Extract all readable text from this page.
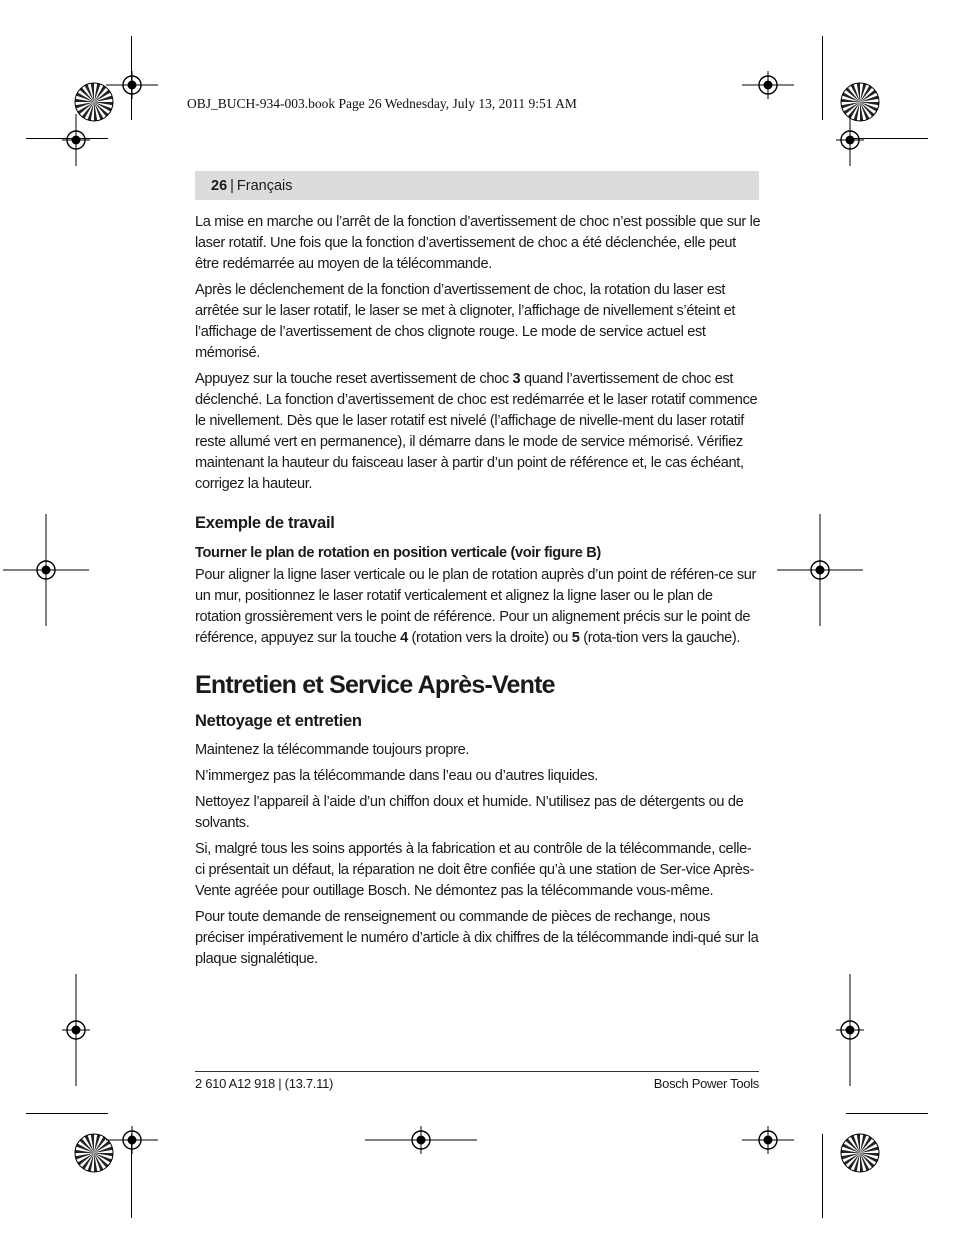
OBJ_BUCH-934-003.book Page 26 Wednesday, July 13, 2011 9:51 AM
26 | Français

La mise en marche ou l’arrêt de la fonction d’avertissement de choc n’est possible que sur le laser rotatif. Une fois que la fonction d’avertissement de choc a été déclenchée, elle peut être redémarrée au moyen de la télécommande.

Après le déclenchement de la fonction d’avertissement de choc, la rotation du laser est arrêtée sur le laser rotatif, le laser se met à clignoter, l’affichage de nivellement s’éteint et l’affichage de l’avertissement de chos clignote rouge. Le mode de service actuel est mémorisé.

Appuyez sur la touche reset avertissement de choc 3 quand l’avertissement de choc est déclenché. La fonction d’avertissement de choc est redémarrée et le laser rotatif commence le nivellement. Dès que le laser rotatif est nivelé (l’affichage de nivelle-ment du laser rotatif reste allumé vert en permanence), il démarre dans le mode de service mémorisé. Vérifiez maintenant la hauteur du faisceau laser à partir d’un point de référence et, le cas échéant, corrigez la hauteur.

Exemple de travail

Tourner le plan de rotation en position verticale (voir figure B)

Pour aligner la ligne laser verticale ou le plan de rotation auprès d’un point de référen-ce sur un mur, positionnez le laser rotatif verticalement et alignez la ligne laser ou le plan de rotation grossièrement vers le point de référence. Pour un alignement précis sur le point de référence, appuyez sur la touche 4 (rotation vers la droite) ou 5 (rota-tion vers la gauche).

Entretien et Service Après-Vente

Nettoyage et entretien

Maintenez la télécommande toujours propre.

N’immergez pas la télécommande dans l’eau ou d’autres liquides.

Nettoyez l’appareil à l’aide d’un chiffon doux et humide. N’utilisez pas de détergents ou de solvants.

Si, malgré tous les soins apportés à la fabrication et au contrôle de la télécommande, celle-ci présentait un défaut, la réparation ne doit être confiée qu’à une station de Ser-vice Après-Vente agréée pour outillage Bosch. Ne démontez pas la télécommande vous-même.

Pour toute demande de renseignement ou commande de pièces de rechange, nous préciser impérativement le numéro d’article à dix chiffres de la télécommande indi-qué sur la plaque signalétique.

2 610 A12 918 | (13.7.11)	Bosch Power Tools
